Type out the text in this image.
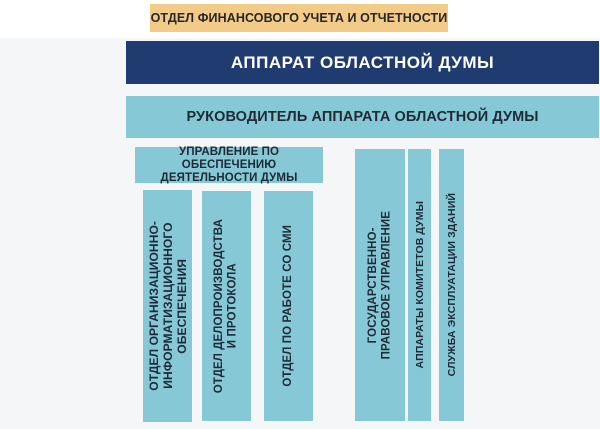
ОТДЕЛ ФИНАНСОВОГО УЧЕТА И ОТЧЕТНОСТИ
АППАРАТ ОБЛАСТНОЙ ДУМЫ
РУКОВОДИТЕЛЬ АППАРАТА ОБЛАСТНОЙ ДУМЫ
УПРАВЛЕНИЕ ПО ОБЕСПЕЧЕНИЮ ДЕЯТЕЛЬНОСТИ ДУМЫ
ОТДЕЛ ОРГАНИЗАЦИОННО-
ИНФОРМАТИЗАЦИОННОГО
ОБЕСПЕЧЕНИЯ
ОТДЕЛ ДЕЛОПРОИЗВОДСТВА
И ПРОТОКОЛА	ОТДЕЛ ПО РАБОТЕ СО СМИ	ГОСУДАРСТВЕННО-
ПРАВОВОЕ УПРАВЛЕНИЕ АППАРАТЫ КОМИТЕТОВ ДУМЫ СЛУЖБА ЭКСПЛУАТАЦИИ ЗДАНИЙ
